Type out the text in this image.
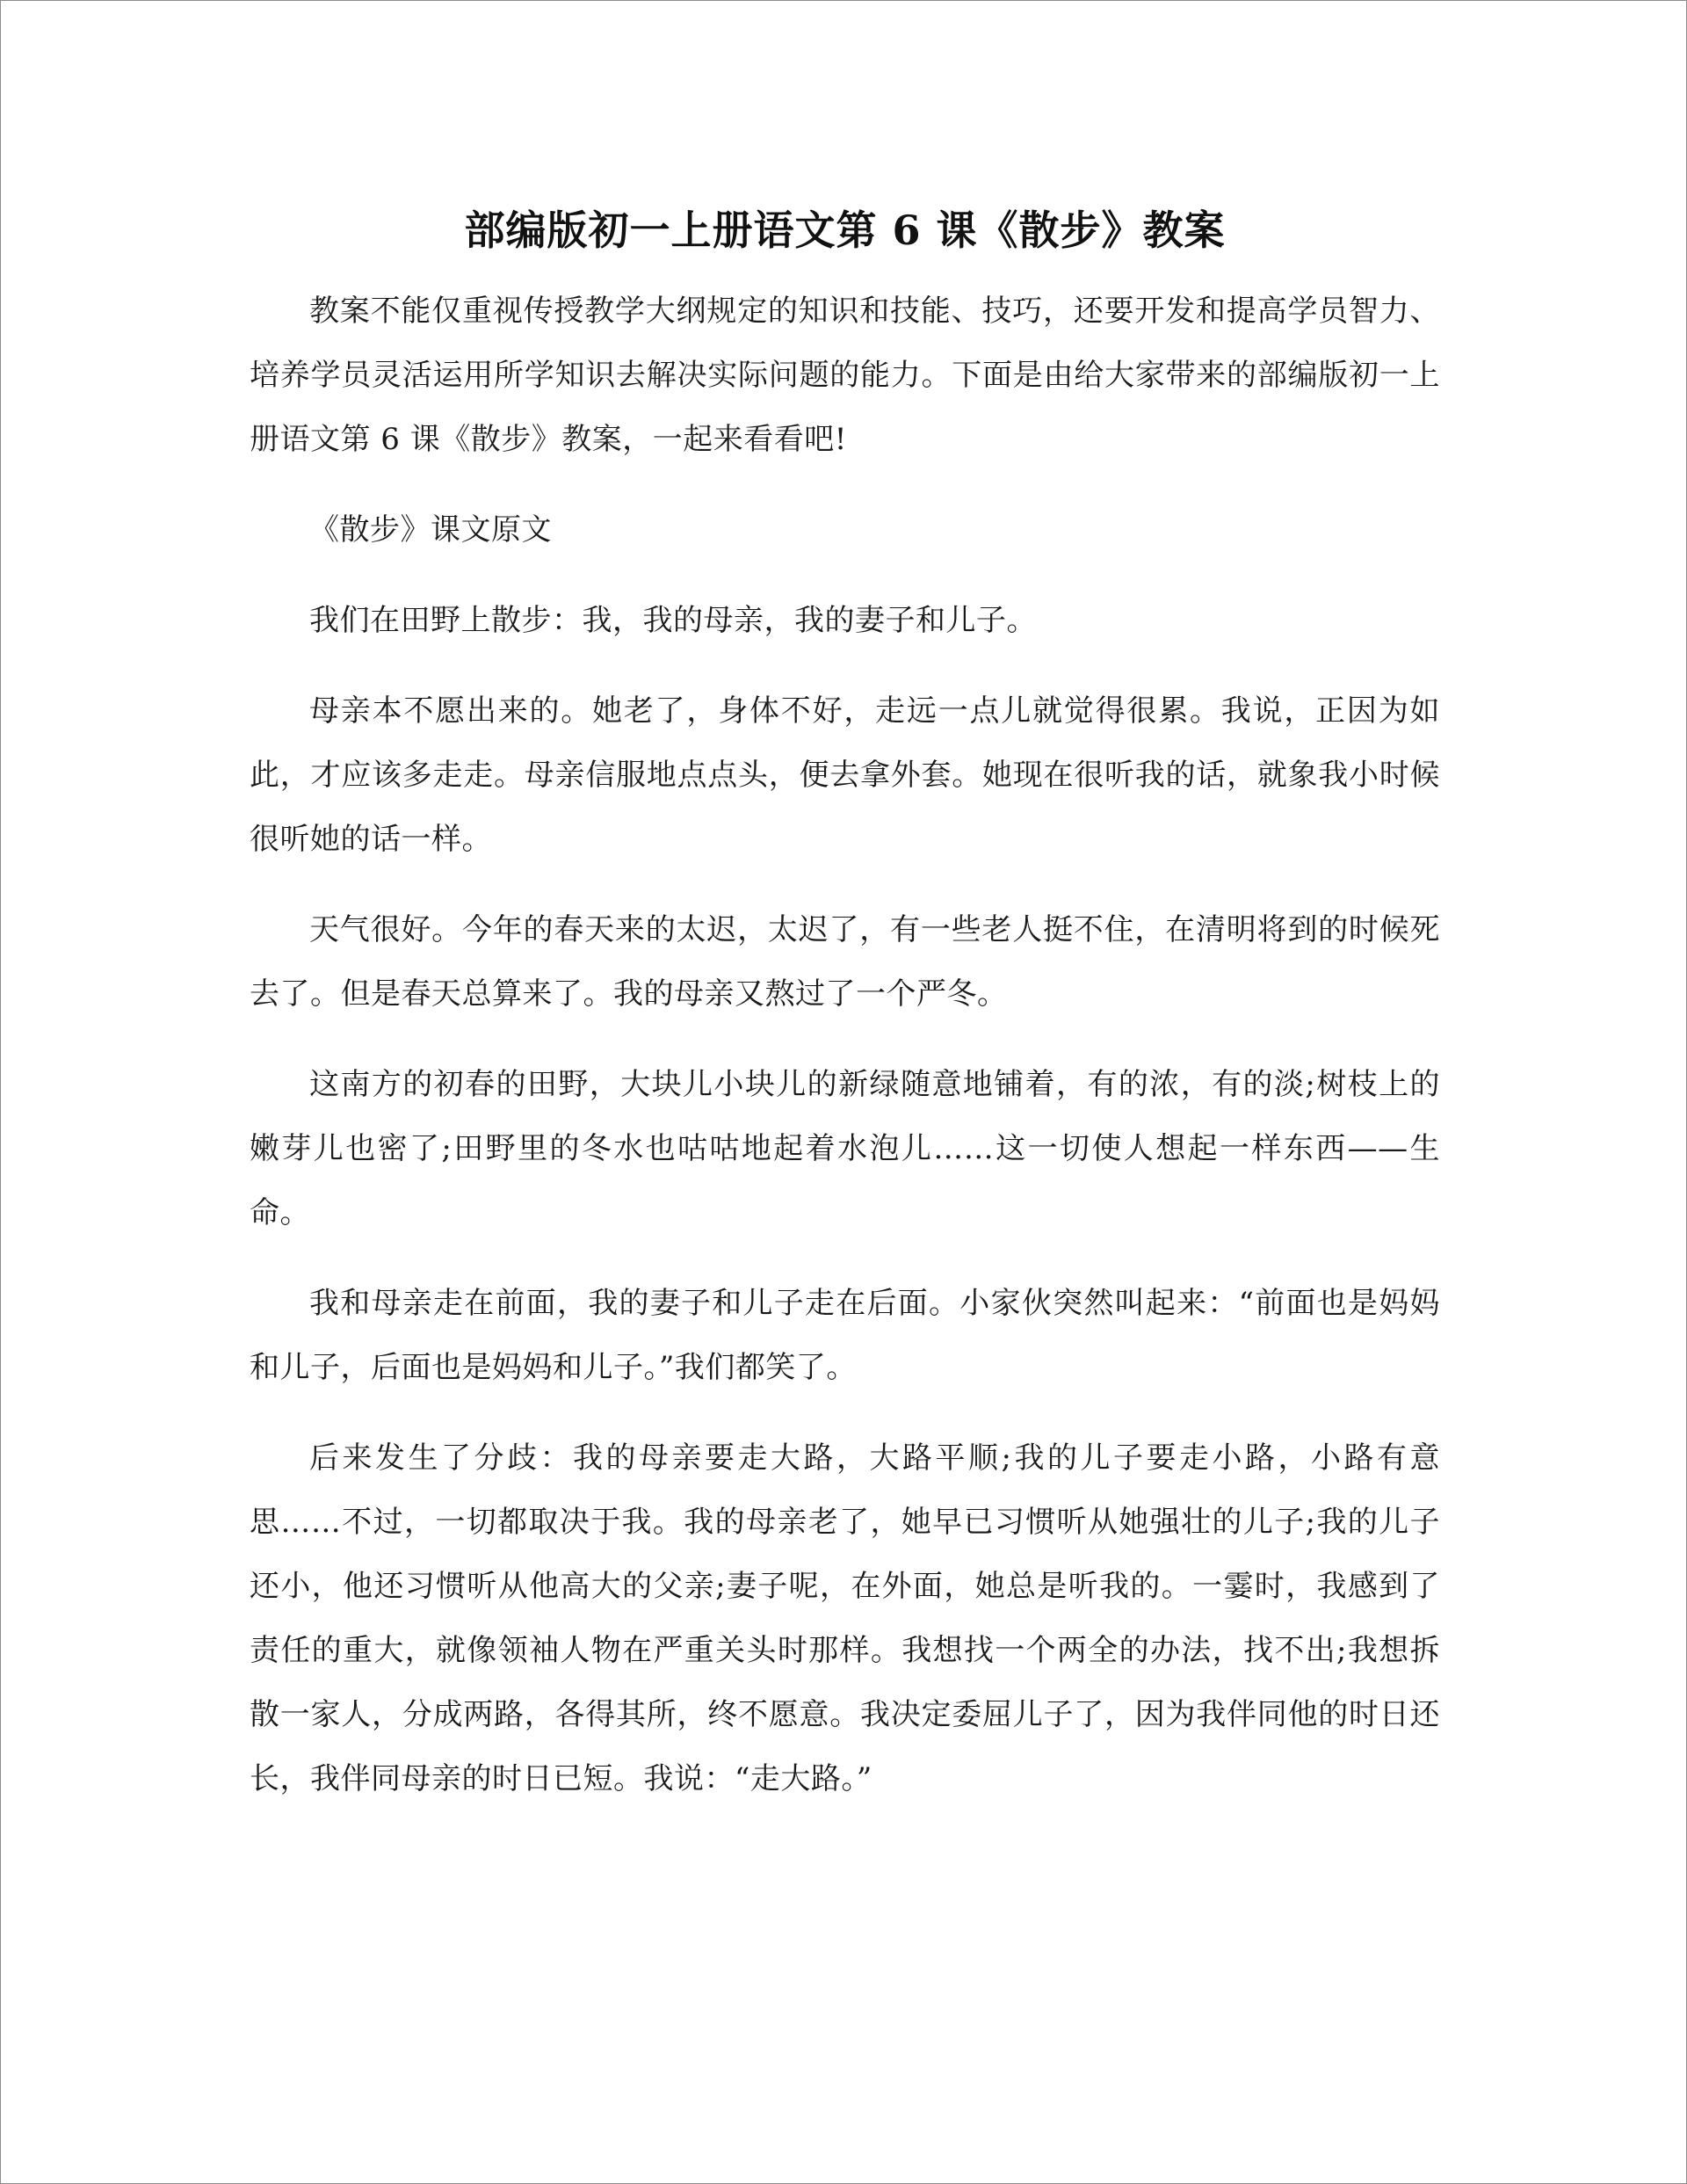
部编版初一上册语文第 6 课《散步》教案

教案不能仅重视传授教学大纲规定的知识和技能、技巧，还要开发和提高学员智力、培养学员灵活运用所学知识去解决实际问题的能力。下面是由给大家带来的部编版初一上册语文第 6 课《散步》教案，一起来看看吧!

《散步》课文原文

我们在田野上散步：我，我的母亲，我的妻子和儿子。

母亲本不愿出来的。她老了，身体不好，走远一点儿就觉得很累。我说，正因为如此，才应该多走走。母亲信服地点点头，便去拿外套。她现在很听我的话，就象我小时候很听她的话一样。

天气很好。今年的春天来的太迟，太迟了，有一些老人挺不住，在清明将到的时候死去了。但是春天总算来了。我的母亲又熬过了一个严冬。

这南方的初春的田野，大块儿小块儿的新绿随意地铺着，有的浓，有的淡;树枝上的嫩芽儿也密了;田野里的冬水也咕咕地起着水泡儿……这一切使人想起一样东西——生命。

我和母亲走在前面，我的妻子和儿子走在后面。小家伙突然叫起来：“前面也是妈妈和儿子，后面也是妈妈和儿子。”我们都笑了。

后来发生了分歧：我的母亲要走大路，大路平顺;我的儿子要走小路，小路有意思……不过，一切都取决于我。我的母亲老了，她早已习惯听从她强壮的儿子;我的儿子还小，他还习惯听从他高大的父亲;妻子呢，在外面，她总是听我的。一霎时，我感到了责任的重大，就像领袖人物在严重关头时那样。我想找一个两全的办法，找不出;我想拆散一家人，分成两路，各得其所，终不愿意。我决定委屈儿子了，因为我伴同他的时日还长，我伴同母亲的时日已短。我说：“走大路。”
